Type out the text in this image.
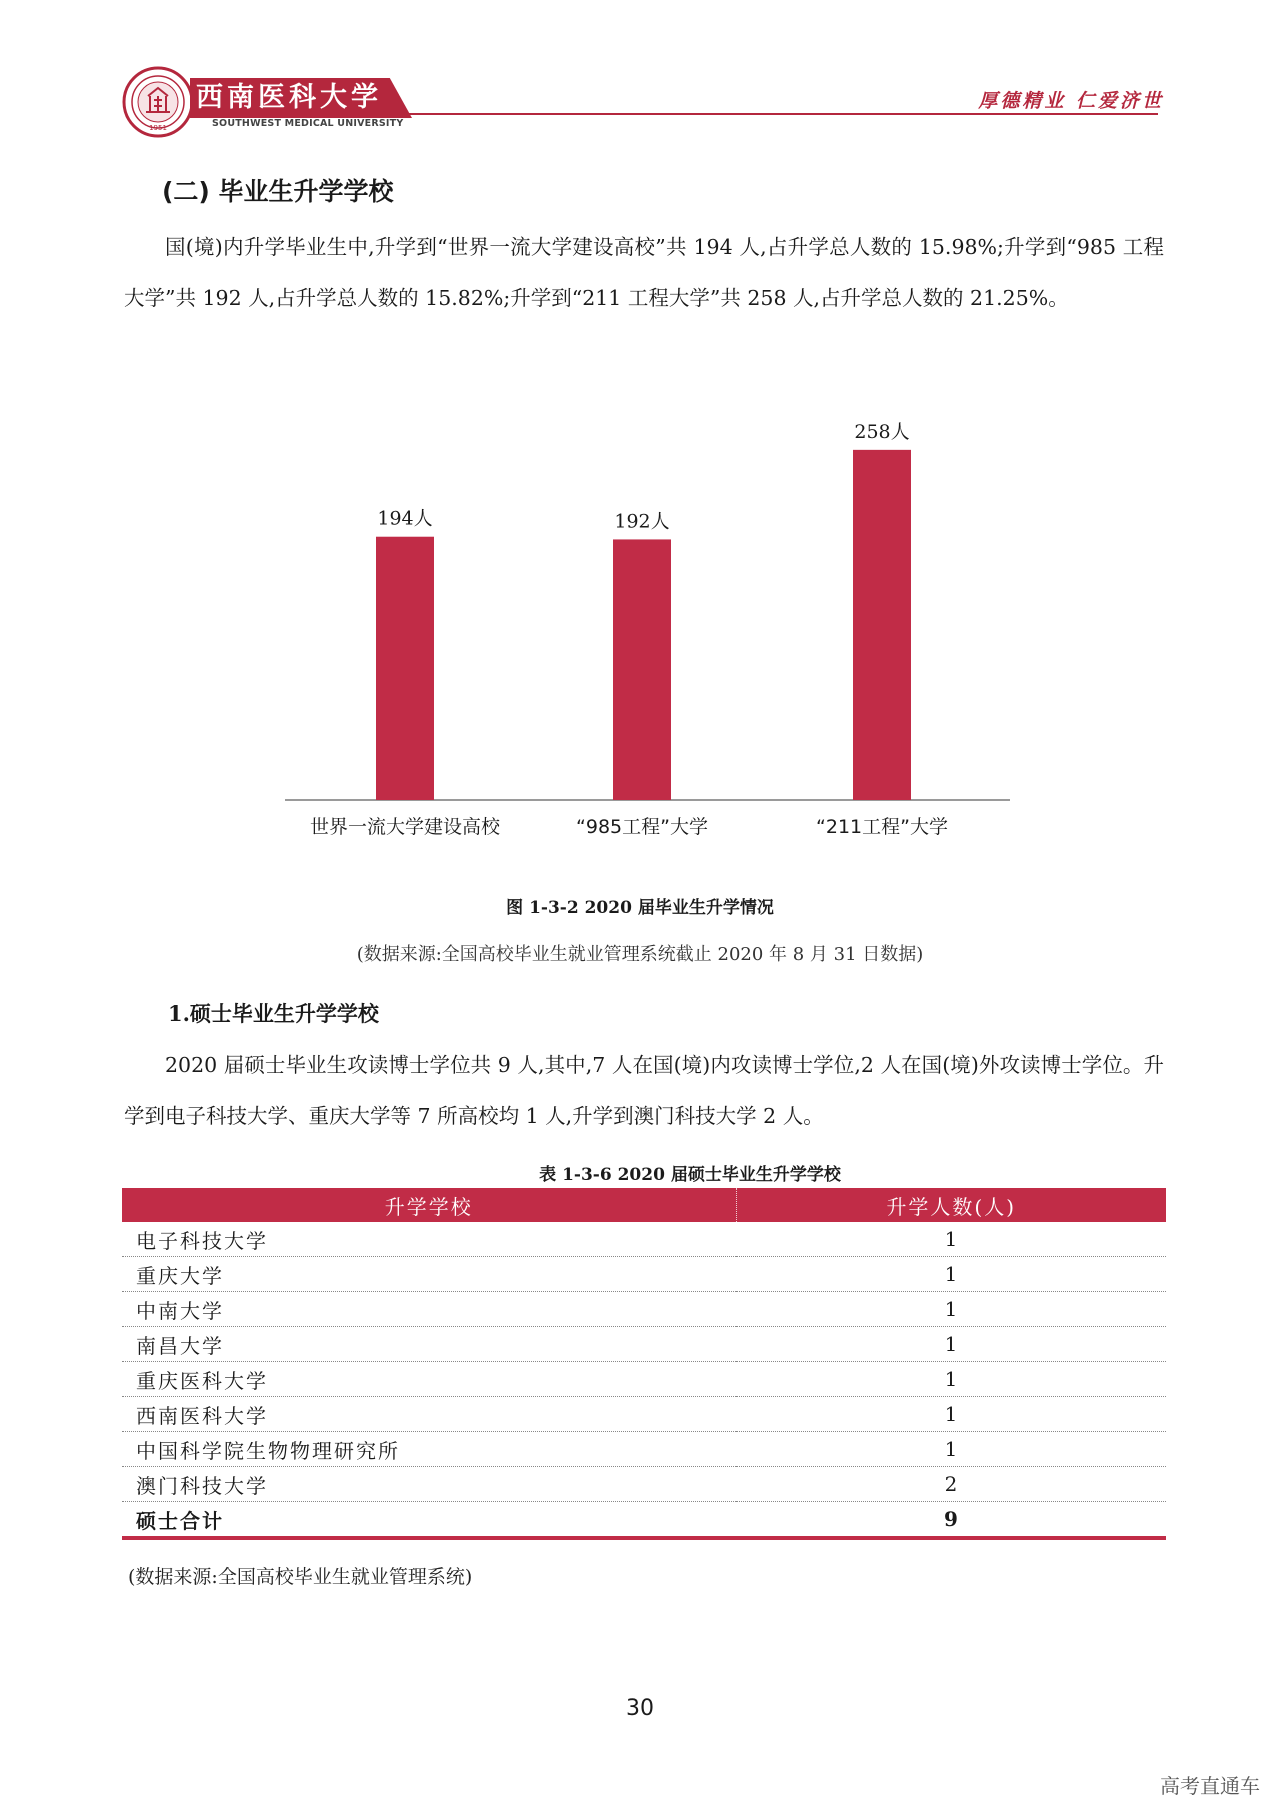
1951
西南医科大学
SOUTHWEST MEDICAL UNIVERSITY
厚德精业 仁爱济世
(二) 毕业生升学学校
国(境)内升学毕业生中,升学到“世界一流大学建设高校”共 194 人,占升学总人数的 15.98%;升学到“985 工程大学”共 192 人,占升学总人数的 15.82%;升学到“211 工程大学”共 258 人,占升学总人数的 21.25%。
194人
世界一流大学建设高校
192人
“985工程”大学
258人
“211工程”大学
图 1-3-2 2020 届毕业生升学情况
(数据来源:全国高校毕业生就业管理系统截止 2020 年 8 月 31 日数据)
1.硕士毕业生升学学校
2020 届硕士毕业生攻读博士学位共 9 人,其中,7 人在国(境)内攻读博士学位,2 人在国(境)外攻读博士学位。升学到电子科技大学、重庆大学等 7 所高校均 1 人,升学到澳门科技大学 2 人。
表 1-3-6 2020 届硕士毕业生升学学校
升学学校	升学人数(人)
电子科技大学	1
重庆大学	1
中南大学	1
南昌大学	1
重庆医科大学	1
西南医科大学	1
中国科学院生物物理研究所	1
澳门科技大学	2
硕士合计	9
(数据来源:全国高校毕业生就业管理系统)
30
高考直通车
